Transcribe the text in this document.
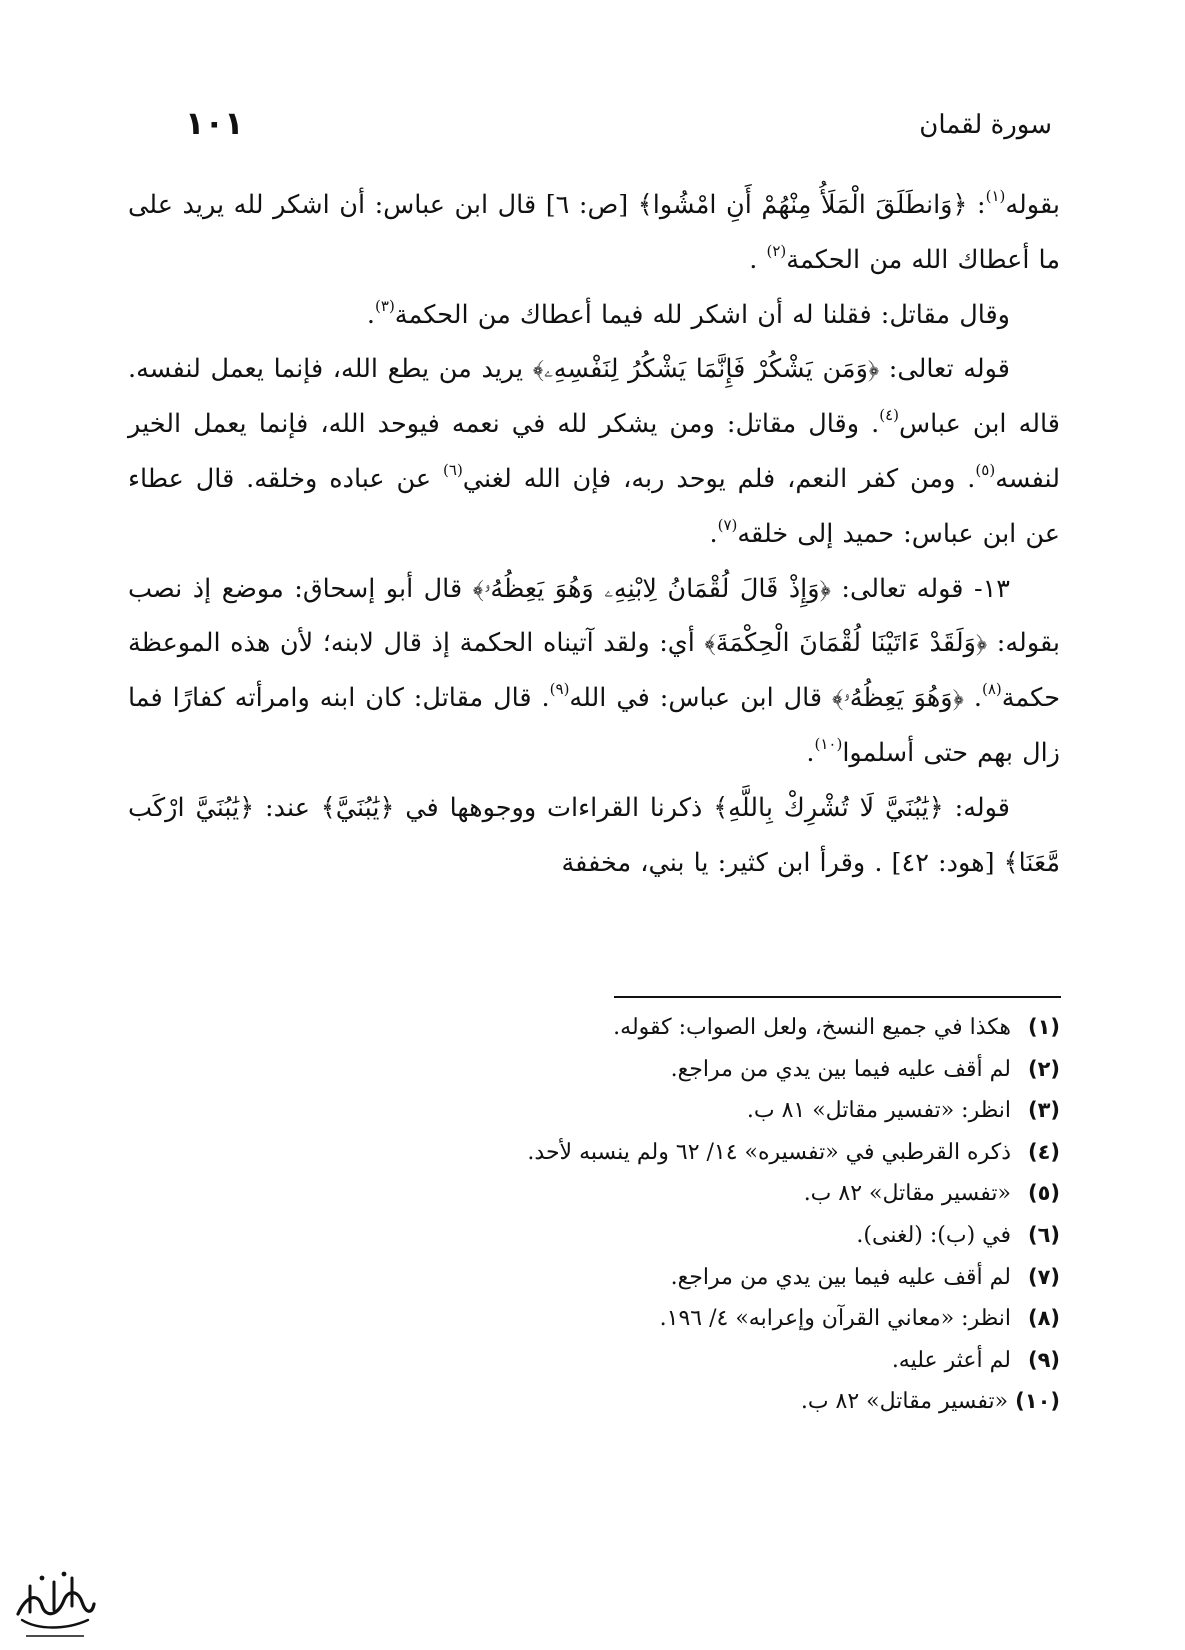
سورة لقمان
١٠١

بقوله$^{(١)}$: ﴿وَانطَلَقَ الْمَلَأُ مِنْهُمْ أَنِ امْشُوا﴾ [ص: ٦] قال ابن عباس: أن اشكر لله يريد على ما أعطاك الله من الحكمة$^{(٢)}$ .

وقال مقاتل: فقلنا له أن اشكر لله فيما أعطاك من الحكمة$^{(٣)}$.

قوله تعالى: ﴿وَمَن يَشْكُرْ فَإِنَّمَا يَشْكُرُ لِنَفْسِهِۦ﴾ يريد من يطع الله، فإنما يعمل لنفسه. قاله ابن عباس$^{(٤)}$. وقال مقاتل: ومن يشكر لله في نعمه فيوحد الله، فإنما يعمل الخير لنفسه$^{(٥)}$. ومن كفر النعم، فلم يوحد ربه، فإن الله لغني$^{(٦)}$ عن عباده وخلقه. قال عطاء عن ابن عباس: حميد إلى خلقه$^{(٧)}$.

١٣- قوله تعالى: ﴿وَإِذْ قَالَ لُقْمَانُ لِابْنِهِۦ وَهُوَ يَعِظُهُۥ﴾ قال أبو إسحاق: موضع إذ نصب بقوله: ﴿وَلَقَدْ ءَاتَيْنَا لُقْمَانَ الْحِكْمَةَ﴾ أي: ولقد آتيناه الحكمة إذ قال لابنه؛ لأن هذه الموعظة حكمة$^{(٨)}$. ﴿وَهُوَ يَعِظُهُۥ﴾ قال ابن عباس: في الله$^{(٩)}$. قال مقاتل: كان ابنه وامرأته كفارًا فما زال بهم حتى أسلموا$^{(١٠)}$.

قوله: ﴿يَٰبُنَيَّ لَا تُشْرِكْ بِاللَّهِ﴾ ذكرنا القراءات ووجوهها في ﴿يَٰبُنَيَّ﴾ عند: ﴿يَٰبُنَيَّ ارْكَب مَّعَنَا﴾ [هود: ٤٢] . وقرأ ابن كثير: يا بني، مخففة

(١) هكذا في جميع النسخ، ولعل الصواب: كقوله.
(٢) لم أقف عليه فيما بين يدي من مراجع.
(٣) انظر: «تفسير مقاتل» ٨١ ب.
(٤) ذكره القرطبي في «تفسيره» ١٤/ ٦٢ ولم ينسبه لأحد.
(٥) «تفسير مقاتل» ٨٢ ب.
(٦) في (ب): (لغنى).
(٧) لم أقف عليه فيما بين يدي من مراجع.
(٨) انظر: «معاني القرآن وإعرابه» ٤/ ١٩٦.
(٩) لم أعثر عليه.
(١٠) «تفسير مقاتل» ٨٢ ب.
